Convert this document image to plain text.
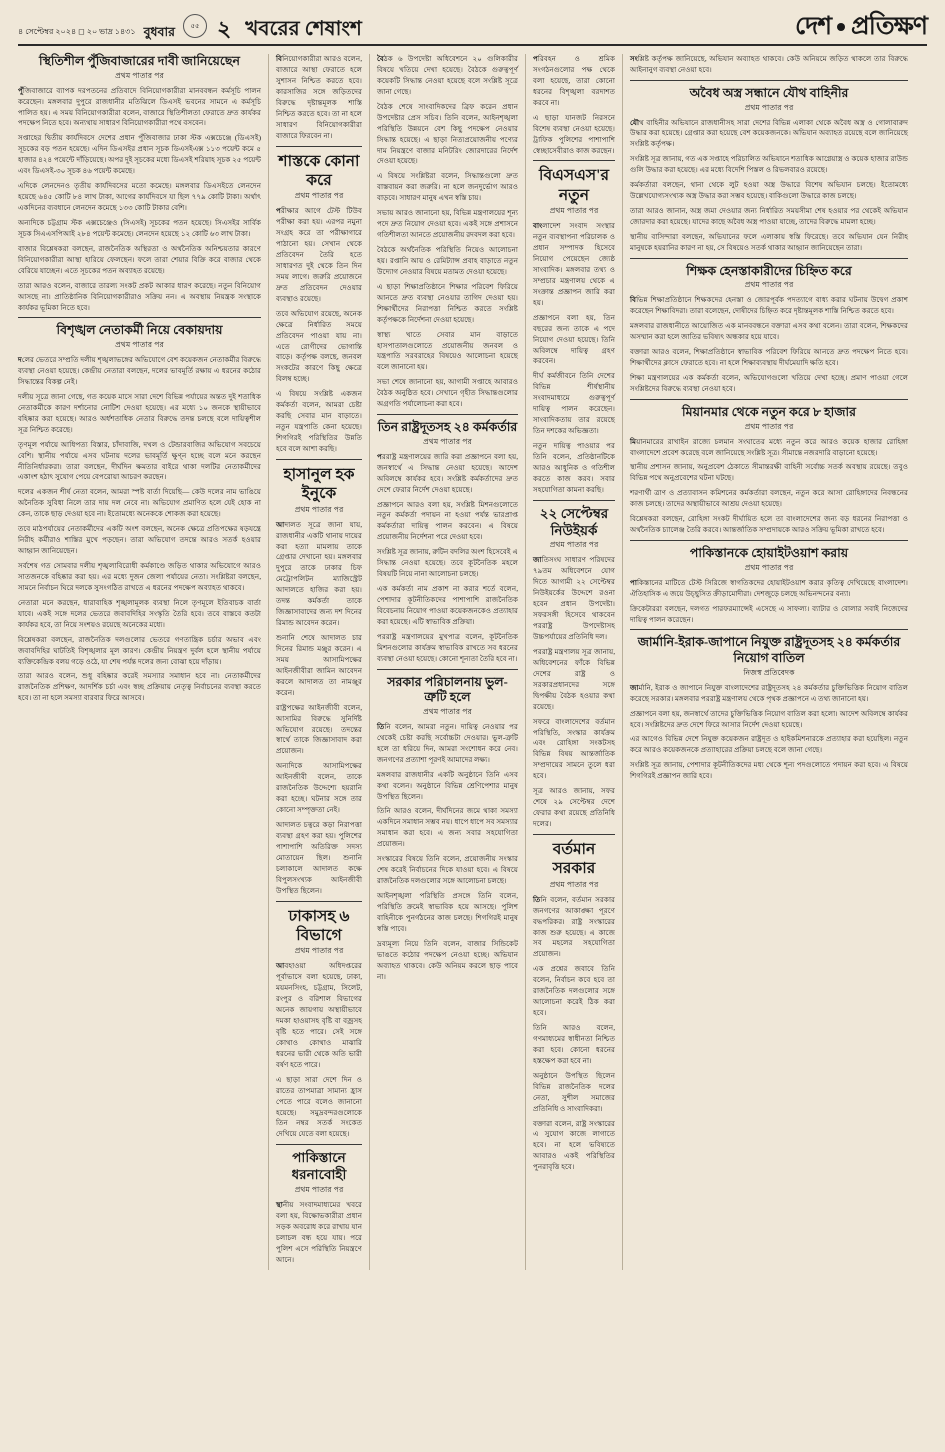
৪ সেপ্টেম্বর ২০২৪ ◻ ২০ ভাদ্র ১৪৩১ বুধবার	৫৫ ২ খবরের শেষাংশ	দেশ প্রতিক্ষণ
স্থিতিশীল পুঁজিবাজারের দাবী জানিয়েছেন
প্রথম পাতার পর

পুঁজিবাজারে ব্যাপক দরপতনের প্রতিবাদে বিনিয়োগকারীরা মানববন্ধন কর্মসূচি পালন করেছেন। মঙ্গলবার দুপুরে রাজধানীর মতিঝিলে ডিএসই ভবনের সামনে এ কর্মসূচি পালিত হয়। এ সময় বিনিয়োগকারীরা বলেন, বাজারে স্থিতিশীলতা ফেরাতে দ্রুত কার্যকর পদক্ষেপ নিতে হবে। অন্যথায় সাধারণ বিনিয়োগকারীরা পথে বসবেন।

সপ্তাহের দ্বিতীয় কার্যদিবসে দেশের প্রধান পুঁজিবাজার ঢাকা স্টক এক্সচেঞ্জে (ডিএসই) সূচকের বড় পতন হয়েছে। এদিন ডিএসইর প্রধান সূচক ডিএসইএক্স ১১৩ পয়েন্ট কমে ৫ হাজার ৪২৪ পয়েন্টে দাঁড়িয়েছে। অপর দুই সূচকের মধ্যে ডিএসই শরিয়াহ সূচক ২৫ পয়েন্ট এবং ডিএসই-৩০ সূচক ৪৬ পয়েন্ট কমেছে।

এদিকে লেনদেনও তৃতীয় কার্যদিবসের মতো কমেছে। মঙ্গলবার ডিএসইতে লেনদেন হয়েছে ৬৪৫ কোটি ৮৪ লাখ টাকা, আগের কার্যদিবসে যা ছিল ৭৭৯ কোটি টাকা। অর্থাৎ একদিনের ব্যবধানে লেনদেন কমেছে ১৩৩ কোটি টাকার বেশি।

অন্যদিকে চট্টগ্রাম স্টক এক্সচেঞ্জেও (সিএসই) সূচকের পতন হয়েছে। সিএসইর সার্বিক সূচক সিএএসপিআই ২৮৪ পয়েন্ট কমেছে। লেনদেন হয়েছে ১২ কোটি ৬৩ লাখ টাকা।

বাজার বিশ্লেষকরা বলছেন, রাজনৈতিক অস্থিরতা ও অর্থনৈতিক অনিশ্চয়তার কারণে বিনিয়োগকারীরা আস্থা হারিয়ে ফেলছেন। ফলে তারা শেয়ার বিক্রি করে বাজার থেকে বেরিয়ে যাচ্ছেন। এতে সূচকের পতন অব্যাহত রয়েছে।

তারা আরও বলেন, বাজারে তারল্য সংকট প্রকট আকার ধারণ করেছে। নতুন বিনিয়োগ আসছে না। প্রাতিষ্ঠানিক বিনিয়োগকারীরাও সক্রিয় নন। এ অবস্থায় নিয়ন্ত্রক সংস্থাকে কার্যকর ভূমিকা নিতে হবে।

বিশৃঙ্খল নেতাকর্মী নিয়ে বেকায়দায়
প্রথম পাতার পর

দলের ভেতরে সম্প্রতি দলীয় শৃঙ্খলাভঙ্গের অভিযোগে বেশ কয়েকজন নেতাকর্মীর বিরুদ্ধে ব্যবস্থা নেওয়া হয়েছে। কেন্দ্রীয় নেতারা বলছেন, দলের ভাবমূর্তি রক্ষায় এ ধরনের কঠোর সিদ্ধান্তের বিকল্প নেই।

দলীয় সূত্রে জানা গেছে, গত কয়েক মাসে সারা দেশে বিভিন্ন পর্যায়ের অন্তত দুই শতাধিক নেতাকর্মীকে কারণ দর্শানোর নোটিশ দেওয়া হয়েছে। এর মধ্যে ১০ জনকে স্থায়ীভাবে বহিষ্কার করা হয়েছে। আরও অর্ধশতাধিক নেতার বিরুদ্ধে তদন্ত চলছে বলে দায়িত্বশীল সূত্র নিশ্চিত করেছে।

তৃণমূল পর্যায়ে আধিপত্য বিস্তার, চাঁদাবাজি, দখল ও টেন্ডারবাজির অভিযোগ সবচেয়ে বেশি। স্থানীয় পর্যায়ে এসব ঘটনায় দলের ভাবমূর্তি ক্ষুণ্ন হচ্ছে বলে মনে করছেন নীতিনির্ধারকরা। তারা বলছেন, দীর্ঘদিন ক্ষমতার বাইরে থাকা দলটির নেতাকর্মীদের একাংশ হঠাৎ সুযোগ পেয়ে বেপরোয়া আচরণ করছেন।

দলের একজন শীর্ষ নেতা বলেন, আমরা স্পষ্ট বার্তা দিয়েছি— কেউ দলের নাম ভাঙিয়ে অনৈতিক সুবিধা নিলে তার দায় দল নেবে না। অভিযোগ প্রমাণিত হলে যেই হোক না কেন, তাকে ছাড় দেওয়া হবে না। ইতোমধ্যে অনেককে শোকজ করা হয়েছে।

তবে মাঠপর্যায়ের নেতাকর্মীদের একটি অংশ বলছেন, অনেক ক্ষেত্রে প্রতিপক্ষের ষড়যন্ত্রে নিরীহ কর্মীরাও শাস্তির মুখে পড়ছেন। তারা অভিযোগ তদন্তে আরও সতর্ক হওয়ার আহ্বান জানিয়েছেন।

সর্বশেষ গত সোমবার দলীয় শৃঙ্খলাবিরোধী কর্মকাণ্ডে জড়িত থাকার অভিযোগে আরও সাতজনকে বহিষ্কার করা হয়। এর মধ্যে দুজন জেলা পর্যায়ের নেতা। সংশ্লিষ্টরা বলছেন, সামনে নির্বাচন ঘিরে দলকে সুসংগঠিত রাখতে এ ধরনের পদক্ষেপ অব্যাহত থাকবে।

নেতারা মনে করছেন, ধারাবাহিক শৃঙ্খলামূলক ব্যবস্থা নিলে তৃণমূলে ইতিবাচক বার্তা যাবে। একই সঙ্গে দলের ভেতরে জবাবদিহির সংস্কৃতি তৈরি হবে। তবে বাস্তবে কতটা কার্যকর হবে, তা নিয়ে সংশয়ও রয়েছে অনেকের মধ্যে।

বিশ্লেষকরা বলছেন, রাজনৈতিক দলগুলোর ভেতরে গণতান্ত্রিক চর্চার অভাব এবং জবাবদিহির ঘাটতিই বিশৃঙ্খলার মূল কারণ। কেন্দ্রীয় নিয়ন্ত্রণ দুর্বল হলে স্থানীয় পর্যায়ে ব্যক্তিকেন্দ্রিক বলয় গড়ে ওঠে, যা শেষ পর্যন্ত দলের জন্য বোঝা হয়ে দাঁড়ায়।

তারা আরও বলেন, শুধু বহিষ্কার করেই সমস্যার সমাধান হবে না। নেতাকর্মীদের রাজনৈতিক প্রশিক্ষণ, আদর্শিক চর্চা এবং স্বচ্ছ প্রক্রিয়ায় নেতৃত্ব নির্বাচনের ব্যবস্থা করতে হবে। তা না হলে সমস্যা বারবার ফিরে আসবে।

বিনিয়োগকারীরা আরও বলেন, বাজারে আস্থা ফেরাতে হলে সুশাসন নিশ্চিত করতে হবে। কারসাজির সঙ্গে জড়িতদের বিরুদ্ধে দৃষ্টান্তমূলক শাস্তি নিশ্চিত করতে হবে। তা না হলে সাধারণ বিনিয়োগকারীরা বাজারে ফিরবেন না।

শাস্তকে কোনা করে
প্রথম পাতার পর

পরীক্ষার আগে টেস্ট টিউব পরীক্ষা করা হয়। এরপর নমুনা সংগ্রহ করে তা পরীক্ষাগারে পাঠানো হয়। সেখান থেকে প্রতিবেদন তৈরি হতে সাধারণত দুই থেকে তিন দিন সময় লাগে। জরুরি প্রয়োজনে দ্রুত প্রতিবেদন দেওয়ার ব্যবস্থাও রয়েছে।

তবে অভিযোগ রয়েছে, অনেক ক্ষেত্রে নির্ধারিত সময়ে প্রতিবেদন পাওয়া যায় না। এতে রোগীদের ভোগান্তি বাড়ে। কর্তৃপক্ষ বলছে, জনবল সংকটের কারণে কিছু ক্ষেত্রে বিলম্ব হচ্ছে।

এ বিষয়ে সংশ্লিষ্ট একজন কর্মকর্তা বলেন, আমরা চেষ্টা করছি সেবার মান বাড়াতে। নতুন যন্ত্রপাতি কেনা হয়েছে। শিগগিরই পরিস্থিতির উন্নতি হবে বলে আশা করছি।

হাসানুল হক ইনুকে
প্রথম পাতার পর

আদালত সূত্রে জানা যায়, রাজধানীর একটি থানায় দায়ের করা হত্যা মামলায় তাকে গ্রেপ্তার দেখানো হয়। মঙ্গলবার দুপুরে তাকে ঢাকার চিফ মেট্রোপলিটন ম্যাজিস্ট্রেট আদালতে হাজির করা হয়। তদন্ত কর্মকর্তা তাকে জিজ্ঞাসাবাদের জন্য দশ দিনের রিমান্ড আবেদন করেন।

শুনানি শেষে আদালত চার দিনের রিমান্ড মঞ্জুর করেন। এ সময় আসামিপক্ষের আইনজীবীরা জামিন আবেদন করলে আদালত তা নামঞ্জুর করেন।

রাষ্ট্রপক্ষের আইনজীবী বলেন, আসামির বিরুদ্ধে সুনির্দিষ্ট অভিযোগ রয়েছে। তদন্তের স্বার্থে তাকে জিজ্ঞাসাবাদ করা প্রয়োজন।

অন্যদিকে আসামিপক্ষের আইনজীবী বলেন, তাকে রাজনৈতিক উদ্দেশ্যে হয়রানি করা হচ্ছে। ঘটনার সঙ্গে তার কোনো সম্পৃক্ততা নেই।

আদালত চত্বরে কড়া নিরাপত্তা ব্যবস্থা গ্রহণ করা হয়। পুলিশের পাশাপাশি অতিরিক্ত সদস্য মোতায়েন ছিল। শুনানি চলাকালে আদালত কক্ষে বিপুলসংখ্যক আইনজীবী উপস্থিত ছিলেন।

ঢাকাসহ ৬ বিভাগে
প্রথম পাতার পর

আবহাওয়া অধিদপ্তরের পূর্বাভাসে বলা হয়েছে, ঢাকা, ময়মনসিংহ, চট্টগ্রাম, সিলেট, রংপুর ও বরিশাল বিভাগের অনেক জায়গায় অস্থায়ীভাবে দমকা হাওয়াসহ বৃষ্টি বা বজ্রসহ বৃষ্টি হতে পারে। সেই সঙ্গে কোথাও কোথাও মাঝারি ধরনের ভারী থেকে অতি ভারী বর্ষণ হতে পারে।

এ ছাড়া সারা দেশে দিন ও রাতের তাপমাত্রা সামান্য হ্রাস পেতে পারে বলেও জানানো হয়েছে। সমুদ্রবন্দরগুলোকে তিন নম্বর সতর্ক সংকেত দেখিয়ে যেতে বলা হয়েছে।

পাকিস্তানে ধরনাবোহী
প্রথম পাতার পর

স্থানীয় সংবাদমাধ্যমের খবরে বলা হয়, বিক্ষোভকারীরা প্রধান সড়ক অবরোধ করে রাখায় যান চলাচল বন্ধ হয়ে যায়। পরে পুলিশ এসে পরিস্থিতি নিয়ন্ত্রণে আনে।

বৈঠক ৬ উপদেষ্টা অধিবেশনে ২০ গুলিকারীর বিষয়ে খতিয়ে দেখা হয়েছে। বৈঠকে গুরুত্বপূর্ণ কয়েকটি সিদ্ধান্ত নেওয়া হয়েছে বলে সংশ্লিষ্ট সূত্রে জানা গেছে।

বৈঠক শেষে সাংবাদিকদের ব্রিফ করেন প্রধান উপদেষ্টার প্রেস সচিব। তিনি বলেন, আইনশৃঙ্খলা পরিস্থিতি উন্নয়নে বেশ কিছু পদক্ষেপ নেওয়ার সিদ্ধান্ত হয়েছে। এ ছাড়া নিত্যপ্রয়োজনীয় পণ্যের দাম নিয়ন্ত্রণে বাজার মনিটরিং জোরদারের নির্দেশ দেওয়া হয়েছে।

এ বিষয়ে সংশ্লিষ্টরা বলেন, সিদ্ধান্তগুলো দ্রুত বাস্তবায়ন করা জরুরি। না হলে জনদুর্ভোগ আরও বাড়বে। সাধারণ মানুষ এখন স্বস্তি চায়।

সভায় আরও জানানো হয়, বিভিন্ন মন্ত্রণালয়ের শূন্য পদে দ্রুত নিয়োগ দেওয়া হবে। একই সঙ্গে প্রশাসনে গতিশীলতা আনতে প্রয়োজনীয় রদবদল করা হবে।

বৈঠকে অর্থনৈতিক পরিস্থিতি নিয়েও আলোচনা হয়। রপ্তানি আয় ও রেমিট্যান্স প্রবাহ বাড়াতে নতুন উদ্যোগ নেওয়ার বিষয়ে মতামত দেওয়া হয়েছে।

এ ছাড়া শিক্ষাপ্রতিষ্ঠানে শিক্ষার পরিবেশ ফিরিয়ে আনতে দ্রুত ব্যবস্থা নেওয়ার তাগিদ দেওয়া হয়। শিক্ষার্থীদের নিরাপত্তা নিশ্চিত করতে সংশ্লিষ্ট কর্তৃপক্ষকে নির্দেশনা দেওয়া হয়েছে।

স্বাস্থ্য খাতে সেবার মান বাড়াতে হাসপাতালগুলোতে প্রয়োজনীয় জনবল ও যন্ত্রপাতি সরবরাহের বিষয়েও আলোচনা হয়েছে বলে জানানো হয়।

সভা শেষে জানানো হয়, আগামী সপ্তাহে আবারও বৈঠক অনুষ্ঠিত হবে। সেখানে গৃহীত সিদ্ধান্তগুলোর অগ্রগতি পর্যালোচনা করা হবে।

তিন রাষ্ট্রদূতসহ ২৪ কর্মকর্তার
প্রথম পাতার পর

পররাষ্ট্র মন্ত্রণালয়ের জারি করা প্রজ্ঞাপনে বলা হয়, জনস্বার্থে এ সিদ্ধান্ত নেওয়া হয়েছে। আদেশ অবিলম্বে কার্যকর হবে। সংশ্লিষ্ট কর্মকর্তাদের দ্রুত দেশে ফেরার নির্দেশ দেওয়া হয়েছে।

প্রজ্ঞাপনে আরও বলা হয়, সংশ্লিষ্ট মিশনগুলোতে নতুন কর্মকর্তা পদায়ন না হওয়া পর্যন্ত ভারপ্রাপ্ত কর্মকর্তারা দায়িত্ব পালন করবেন। এ বিষয়ে প্রয়োজনীয় নির্দেশনা পরে দেওয়া হবে।

সংশ্লিষ্ট সূত্র জানায়, রুটিন বদলির অংশ হিসেবেই এ সিদ্ধান্ত নেওয়া হয়েছে। তবে কূটনৈতিক মহলে বিষয়টি নিয়ে নানা আলোচনা চলছে।

এক কর্মকর্তা নাম প্রকাশ না করার শর্তে বলেন, পেশাদার কূটনীতিকদের পাশাপাশি রাজনৈতিক বিবেচনায় নিয়োগ পাওয়া কয়েকজনকেও প্রত্যাহার করা হয়েছে। এটি স্বাভাবিক প্রক্রিয়া।

পররাষ্ট্র মন্ত্রণালয়ের মুখপাত্র বলেন, কূটনৈতিক মিশনগুলোর কার্যক্রম স্বাভাবিক রাখতে সব ধরনের ব্যবস্থা নেওয়া হয়েছে। কোনো শূন্যতা তৈরি হবে না।

সরকার পরিচালনায় ভুল-ত্রুটি হলে
প্রথম পাতার পর

তিনি বলেন, আমরা নতুন। দায়িত্ব নেওয়ার পর থেকেই চেষ্টা করছি সর্বোচ্চটা দেওয়ার। ভুল-ত্রুটি হলে তা ধরিয়ে দিন, আমরা সংশোধন করে নেব। জনগণের প্রত্যাশা পূরণই আমাদের লক্ষ্য।

মঙ্গলবার রাজধানীর একটি অনুষ্ঠানে তিনি এসব কথা বলেন। অনুষ্ঠানে বিভিন্ন শ্রেণিপেশার মানুষ উপস্থিত ছিলেন।

তিনি আরও বলেন, দীর্ঘদিনের জমে থাকা সমস্যা একদিনে সমাধান সম্ভব নয়। ধাপে ধাপে সব সমস্যার সমাধান করা হবে। এ জন্য সবার সহযোগিতা প্রয়োজন।

সংস্কারের বিষয়ে তিনি বলেন, প্রয়োজনীয় সংস্কার শেষ করেই নির্বাচনের দিকে যাওয়া হবে। এ বিষয়ে রাজনৈতিক দলগুলোর সঙ্গে আলোচনা চলছে।

আইনশৃঙ্খলা পরিস্থিতি প্রসঙ্গে তিনি বলেন, পরিস্থিতি ক্রমেই স্বাভাবিক হয়ে আসছে। পুলিশ বাহিনীকে পুনর্গঠনের কাজ চলছে। শিগগিরই মানুষ স্বস্তি পাবে।

দ্রব্যমূল্য নিয়ে তিনি বলেন, বাজার সিন্ডিকেট ভাঙতে কঠোর পদক্ষেপ নেওয়া হচ্ছে। অভিযান অব্যাহত থাকবে। কেউ অনিয়ম করলে ছাড় পাবে না।

পরিবহন ও শ্রমিক সংগঠনগুলোর পক্ষ থেকে বলা হয়েছে, তারা কোনো ধরনের বিশৃঙ্খলা বরদাশত করবে না।

এ ছাড়া যানজট নিরসনে বিশেষ ব্যবস্থা নেওয়া হয়েছে। ট্রাফিক পুলিশের পাশাপাশি স্বেচ্ছাসেবীরাও কাজ করছেন।

বিএসএস'র নতুন
প্রথম পাতার পর

বাংলাদেশ সংবাদ সংস্থার নতুন ব্যবস্থাপনা পরিচালক ও প্রধান সম্পাদক হিসেবে নিয়োগ পেয়েছেন জ্যেষ্ঠ সাংবাদিক। মঙ্গলবার তথ্য ও সম্প্রচার মন্ত্রণালয় থেকে এ সংক্রান্ত প্রজ্ঞাপন জারি করা হয়।

প্রজ্ঞাপনে বলা হয়, তিন বছরের জন্য তাকে এ পদে নিয়োগ দেওয়া হয়েছে। তিনি অবিলম্বে দায়িত্ব গ্রহণ করবেন।

দীর্ঘ কর্মজীবনে তিনি দেশের বিভিন্ন শীর্ষস্থানীয় সংবাদমাধ্যমে গুরুত্বপূর্ণ দায়িত্ব পালন করেছেন। সাংবাদিকতায় তার রয়েছে তিন দশকের অভিজ্ঞতা।

নতুন দায়িত্ব পাওয়ার পর তিনি বলেন, প্রতিষ্ঠানটিকে আরও আধুনিক ও গতিশীল করতে কাজ করব। সবার সহযোগিতা কামনা করছি।

২২ সেপ্টেম্বর নিউইয়র্ক
প্রথম পাতার পর

জাতিসংঘ সাধারণ পরিষদের ৭৯তম অধিবেশনে যোগ দিতে আগামী ২২ সেপ্টেম্বর নিউইয়র্কের উদ্দেশে রওনা হবেন প্রধান উপদেষ্টা। সফরসঙ্গী হিসেবে থাকবেন পররাষ্ট্র উপদেষ্টাসহ উচ্চপর্যায়ের প্রতিনিধি দল।

পররাষ্ট্র মন্ত্রণালয় সূত্র জানায়, অধিবেশনের ফাঁকে বিভিন্ন দেশের রাষ্ট্র ও সরকারপ্রধানদের সঙ্গে দ্বিপক্ষীয় বৈঠক হওয়ার কথা রয়েছে।

সফরে বাংলাদেশের বর্তমান পরিস্থিতি, সংস্কার কার্যক্রম এবং রোহিঙ্গা সংকটসহ বিভিন্ন বিষয় আন্তর্জাতিক সম্প্রদায়ের সামনে তুলে ধরা হবে।

সূত্র আরও জানায়, সফর শেষে ২৯ সেপ্টেম্বর দেশে ফেরার কথা রয়েছে প্রতিনিধি দলের।

বর্তমান সরকার
প্রথম পাতার পর

তিনি বলেন, বর্তমান সরকার জনগণের আকাঙ্ক্ষা পূরণে বদ্ধপরিকর। রাষ্ট্র সংস্কারের কাজ শুরু হয়েছে। এ কাজে সব মহলের সহযোগিতা প্রয়োজন।

এক প্রশ্নের জবাবে তিনি বলেন, নির্বাচন কবে হবে তা রাজনৈতিক দলগুলোর সঙ্গে আলোচনা করেই ঠিক করা হবে।

তিনি আরও বলেন, গণমাধ্যমের স্বাধীনতা নিশ্চিত করা হবে। কোনো ধরনের হস্তক্ষেপ করা হবে না।

অনুষ্ঠানে উপস্থিত ছিলেন বিভিন্ন রাজনৈতিক দলের নেতা, সুশীল সমাজের প্রতিনিধি ও সাংবাদিকরা।

বক্তারা বলেন, রাষ্ট্র সংস্কারের এ সুযোগ কাজে লাগাতে হবে। না হলে ভবিষ্যতে আবারও একই পরিস্থিতির পুনরাবৃত্তি হবে।

সংশ্লিষ্ট কর্তৃপক্ষ জানিয়েছে, অভিযান অব্যাহত থাকবে। কেউ অনিয়মে জড়িত থাকলে তার বিরুদ্ধে আইনানুগ ব্যবস্থা নেওয়া হবে।

অবৈধ অস্ত্র সন্ধানে যৌথ বাহিনীর
প্রথম পাতার পর

যৌথ বাহিনীর অভিযানে রাজধানীসহ সারা দেশের বিভিন্ন এলাকা থেকে অবৈধ অস্ত্র ও গোলাবারুদ উদ্ধার করা হয়েছে। গ্রেপ্তার করা হয়েছে বেশ কয়েকজনকে। অভিযান অব্যাহত রয়েছে বলে জানিয়েছে সংশ্লিষ্ট কর্তৃপক্ষ।

সংশ্লিষ্ট সূত্র জানায়, গত এক সপ্তাহে পরিচালিত অভিযানে শতাধিক আগ্নেয়াস্ত্র ও কয়েক হাজার রাউন্ড গুলি উদ্ধার করা হয়েছে। এর মধ্যে বিদেশি পিস্তল ও রিভলবারও রয়েছে।

কর্মকর্তারা বলছেন, থানা থেকে লুট হওয়া অস্ত্র উদ্ধারে বিশেষ অভিযান চলছে। ইতোমধ্যে উল্লেখযোগ্যসংখ্যক অস্ত্র উদ্ধার করা সম্ভব হয়েছে। বাকিগুলো উদ্ধারে কাজ চলছে।

তারা আরও জানান, অস্ত্র জমা দেওয়ার জন্য নির্ধারিত সময়সীমা শেষ হওয়ার পর থেকেই অভিযান জোরদার করা হয়েছে। যাদের কাছে অবৈধ অস্ত্র পাওয়া যাচ্ছে, তাদের বিরুদ্ধে মামলা হচ্ছে।

স্থানীয় বাসিন্দারা বলছেন, অভিযানের ফলে এলাকায় স্বস্তি ফিরেছে। তবে অভিযান যেন নিরীহ মানুষকে হয়রানির কারণ না হয়, সে বিষয়েও সতর্ক থাকার আহ্বান জানিয়েছেন তারা।

শিক্ষক হেনস্তাকারীদের চিহ্নিত করে
প্রথম পাতার পর

বিভিন্ন শিক্ষাপ্রতিষ্ঠানে শিক্ষকদের হেনস্তা ও জোরপূর্বক পদত্যাগে বাধ্য করার ঘটনায় উদ্বেগ প্রকাশ করেছেন শিক্ষাবিদরা। তারা বলেছেন, দোষীদের চিহ্নিত করে দৃষ্টান্তমূলক শাস্তি নিশ্চিত করতে হবে।

মঙ্গলবার রাজধানীতে আয়োজিত এক মানববন্ধনে বক্তারা এসব কথা বলেন। তারা বলেন, শিক্ষকদের অসম্মান করা হলে জাতির ভবিষ্যৎ অন্ধকার হয়ে যাবে।

বক্তারা আরও বলেন, শিক্ষাপ্রতিষ্ঠানে স্বাভাবিক পরিবেশ ফিরিয়ে আনতে দ্রুত পদক্ষেপ নিতে হবে। শিক্ষার্থীদের ক্লাসে ফেরাতে হবে। না হলে শিক্ষাব্যবস্থায় দীর্ঘমেয়াদি ক্ষতি হবে।

শিক্ষা মন্ত্রণালয়ের এক কর্মকর্তা বলেন, অভিযোগগুলো খতিয়ে দেখা হচ্ছে। প্রমাণ পাওয়া গেলে সংশ্লিষ্টদের বিরুদ্ধে ব্যবস্থা নেওয়া হবে।

মিয়ানমার থেকে নতুন করে ৮ হাজার
প্রথম পাতার পর

মিয়ানমারের রাখাইন রাজ্যে চলমান সংঘাতের মধ্যে নতুন করে আরও কয়েক হাজার রোহিঙ্গা বাংলাদেশে প্রবেশ করেছে বলে জানিয়েছে সংশ্লিষ্ট সূত্র। সীমান্তে নজরদারি বাড়ানো হয়েছে।

স্থানীয় প্রশাসন জানায়, অনুপ্রবেশ ঠেকাতে সীমান্তরক্ষী বাহিনী সর্বোচ্চ সতর্ক অবস্থায় রয়েছে। তবুও বিভিন্ন পথে অনুপ্রবেশের ঘটনা ঘটছে।

শরণার্থী ত্রাণ ও প্রত্যাবাসন কমিশনের কর্মকর্তারা বলছেন, নতুন করে আসা রোহিঙ্গাদের নিবন্ধনের কাজ চলছে। তাদের অস্থায়ীভাবে আশ্রয় দেওয়া হয়েছে।

বিশ্লেষকরা বলছেন, রোহিঙ্গা সংকট দীর্ঘায়িত হলে তা বাংলাদেশের জন্য বড় ধরনের নিরাপত্তা ও অর্থনৈতিক চ্যালেঞ্জ তৈরি করবে। আন্তর্জাতিক সম্প্রদায়কে আরও সক্রিয় ভূমিকা রাখতে হবে।

পাকিস্তানকে হোয়াইটওয়াশ করায়
প্রথম পাতার পর

পাকিস্তানের মাটিতে টেস্ট সিরিজে স্বাগতিকদের হোয়াইটওয়াশ করার কৃতিত্ব দেখিয়েছে বাংলাদেশ। ঐতিহাসিক এ জয়ে উচ্ছ্বসিত ক্রীড়ামোদীরা। দেশজুড়ে চলছে অভিনন্দনের বন্যা।

ক্রিকেটাররা বলছেন, দলগত পারফরম্যান্সেই এসেছে এ সাফল্য। ব্যাটার ও বোলার সবাই নিজেদের দায়িত্ব পালন করেছেন।

জার্মানি-ইরাক-জাপানে নিযুক্ত রাষ্ট্রদূতসহ ২৪ কর্মকর্তার নিয়োগ বাতিল
নিজস্ব প্রতিবেদক

জার্মানি, ইরাক ও জাপানে নিযুক্ত বাংলাদেশের রাষ্ট্রদূতসহ ২৪ কর্মকর্তার চুক্তিভিত্তিক নিয়োগ বাতিল করেছে সরকার। মঙ্গলবার পররাষ্ট্র মন্ত্রণালয় থেকে পৃথক প্রজ্ঞাপনে এ তথ্য জানানো হয়।

প্রজ্ঞাপনে বলা হয়, জনস্বার্থে তাদের চুক্তিভিত্তিক নিয়োগ বাতিল করা হলো। আদেশ অবিলম্বে কার্যকর হবে। সংশ্লিষ্টদের দ্রুত দেশে ফিরে আসার নির্দেশ দেওয়া হয়েছে।

এর আগেও বিভিন্ন দেশে নিযুক্ত কয়েকজন রাষ্ট্রদূত ও হাইকমিশনারকে প্রত্যাহার করা হয়েছিল। নতুন করে আরও কয়েকজনকে প্রত্যাহারের প্রক্রিয়া চলছে বলে জানা গেছে।

সংশ্লিষ্ট সূত্র জানায়, পেশাদার কূটনীতিকদের মধ্য থেকে শূন্য পদগুলোতে পদায়ন করা হবে। এ বিষয়ে শিগগিরই প্রজ্ঞাপন জারি হবে।
